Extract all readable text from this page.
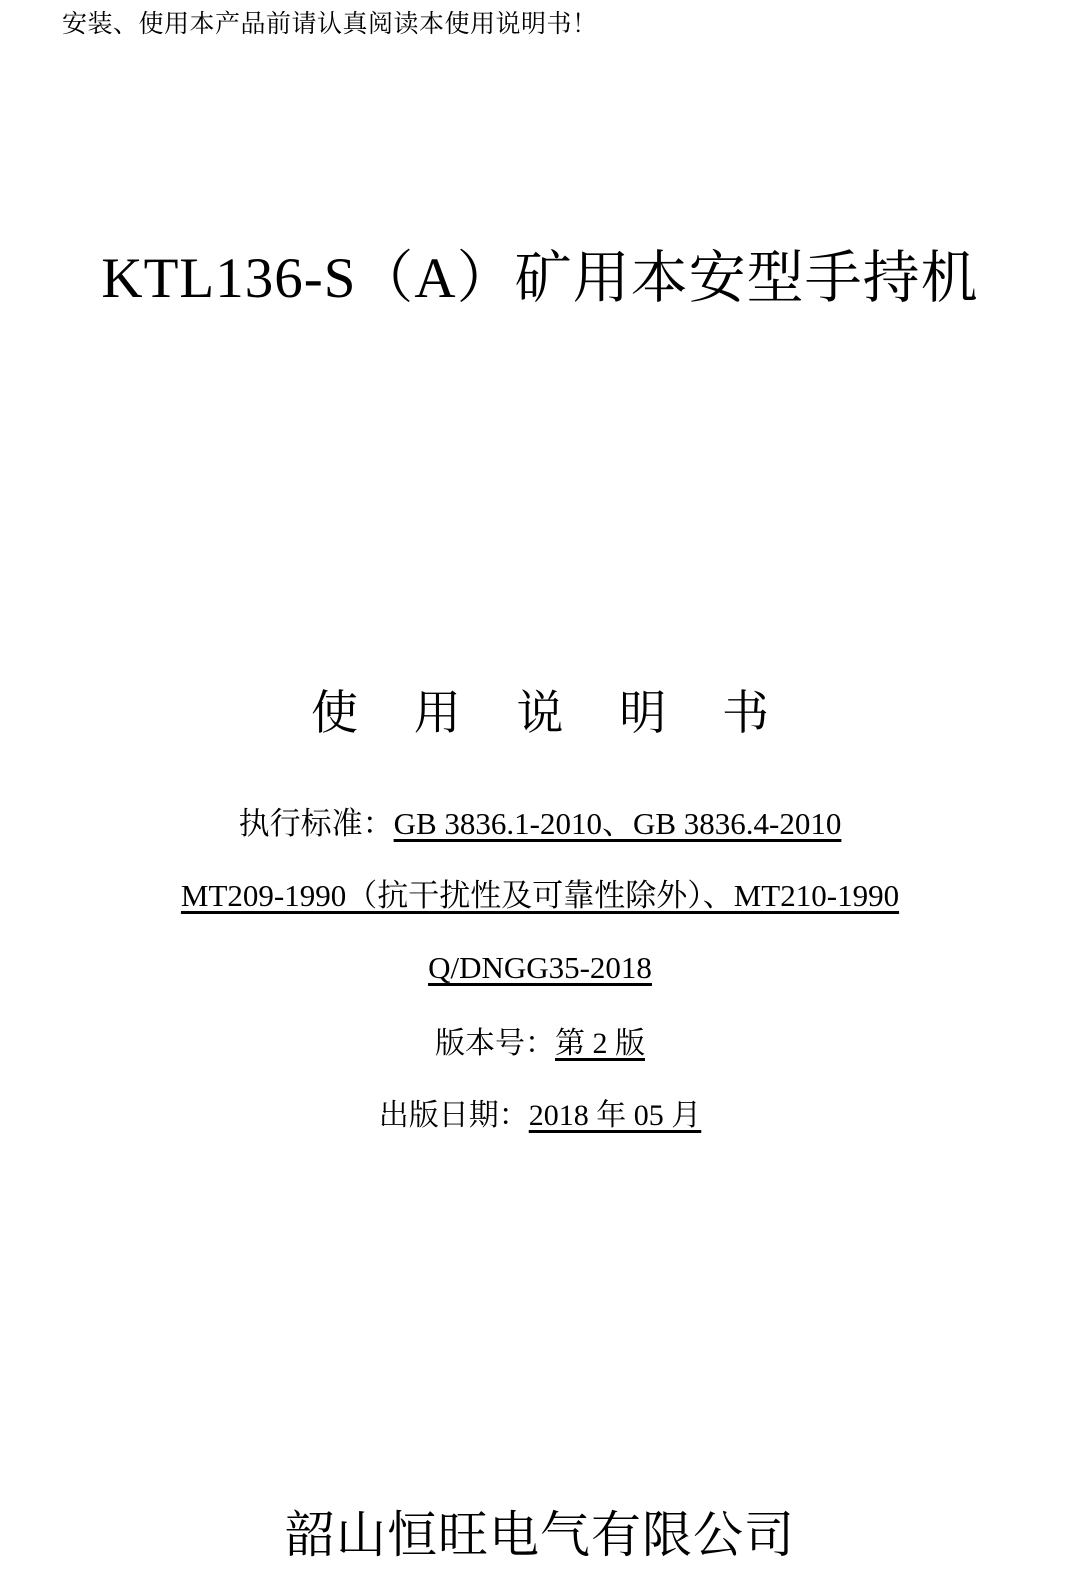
安装、使用本产品前请认真阅读本使用说明书！
KTL136-S（A）矿用本安型手持机
使 用 说 明 书
执行标准：GB 3836.1-2010、GB 3836.4-2010
MT209-1990（抗干扰性及可靠性除外）、MT210-1990
Q/DNGG35-2018
版本号：第 2 版
出版日期：2018 年 05 月
韶山恒旺电气有限公司
